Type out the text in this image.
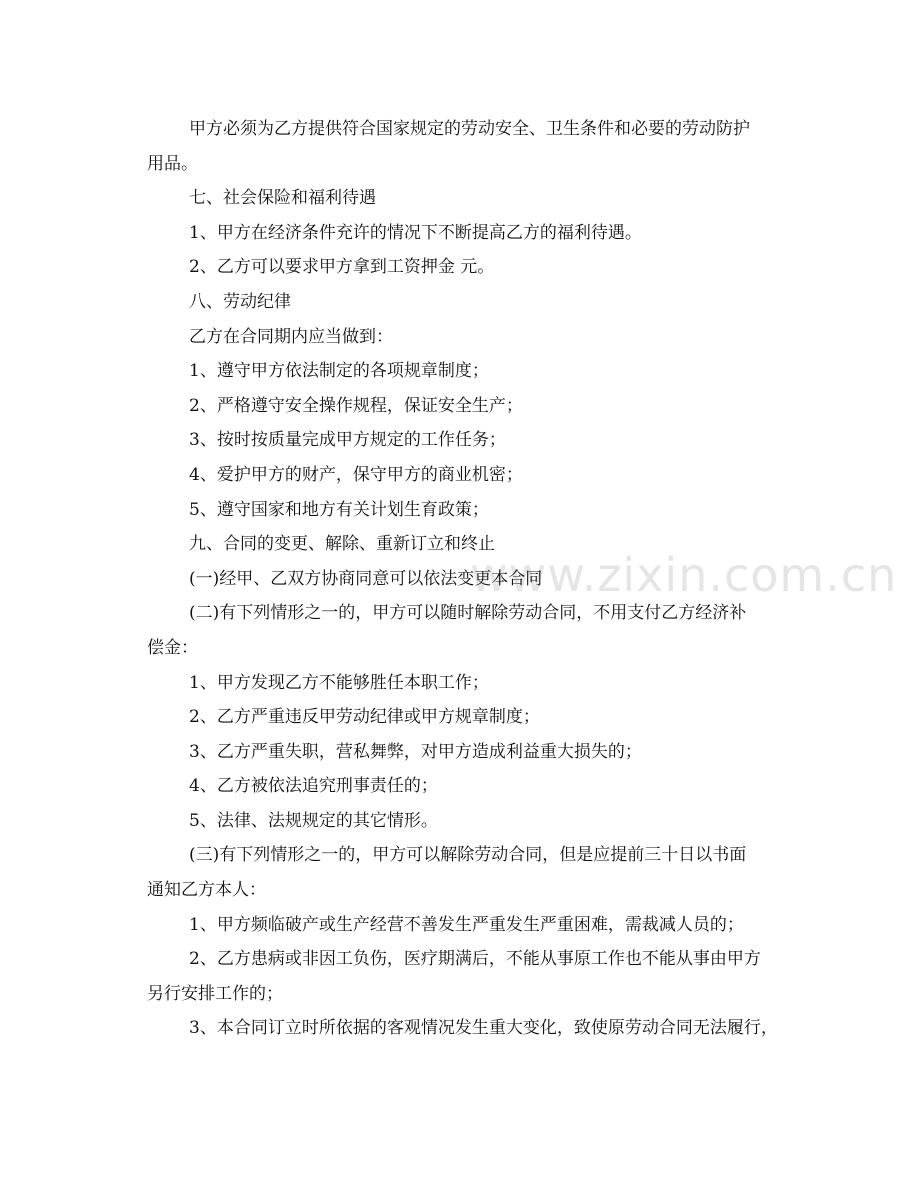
www.zixin.com.cn

甲方必须为乙方提供符合国家规定的劳动安全、卫生条件和必要的劳动防护

用品。

七、社会保险和福利待遇

1、甲方在经济条件充许的情况下不断提高乙方的福利待遇。

2、乙方可以要求甲方拿到工资押金 元。

八、劳动纪律

乙方在合同期内应当做到：

1、遵守甲方依法制定的各项规章制度；

2、严格遵守安全操作规程，保证安全生产；

3、按时按质量完成甲方规定的工作任务；

4、爱护甲方的财产，保守甲方的商业机密；

5、遵守国家和地方有关计划生育政策；

九、合同的变更、解除、重新订立和终止

(一)经甲、乙双方协商同意可以依法变更本合同

(二)有下列情形之一的，甲方可以随时解除劳动合同，不用支付乙方经济补

偿金：

1、甲方发现乙方不能够胜任本职工作；

2、乙方严重违反甲劳动纪律或甲方规章制度；

3、乙方严重失职，营私舞弊，对甲方造成利益重大损失的；

4、乙方被依法追究刑事责任的；

5、法律、法规规定的其它情形。

(三)有下列情形之一的，甲方可以解除劳动合同，但是应提前三十日以书面

通知乙方本人：

1、甲方频临破产或生产经营不善发生严重发生严重困难，需裁减人员的；

2、乙方患病或非因工负伤，医疗期满后，不能从事原工作也不能从事由甲方

另行安排工作的；

3、本合同订立时所依据的客观情况发生重大变化，致使原劳动合同无法履行，
